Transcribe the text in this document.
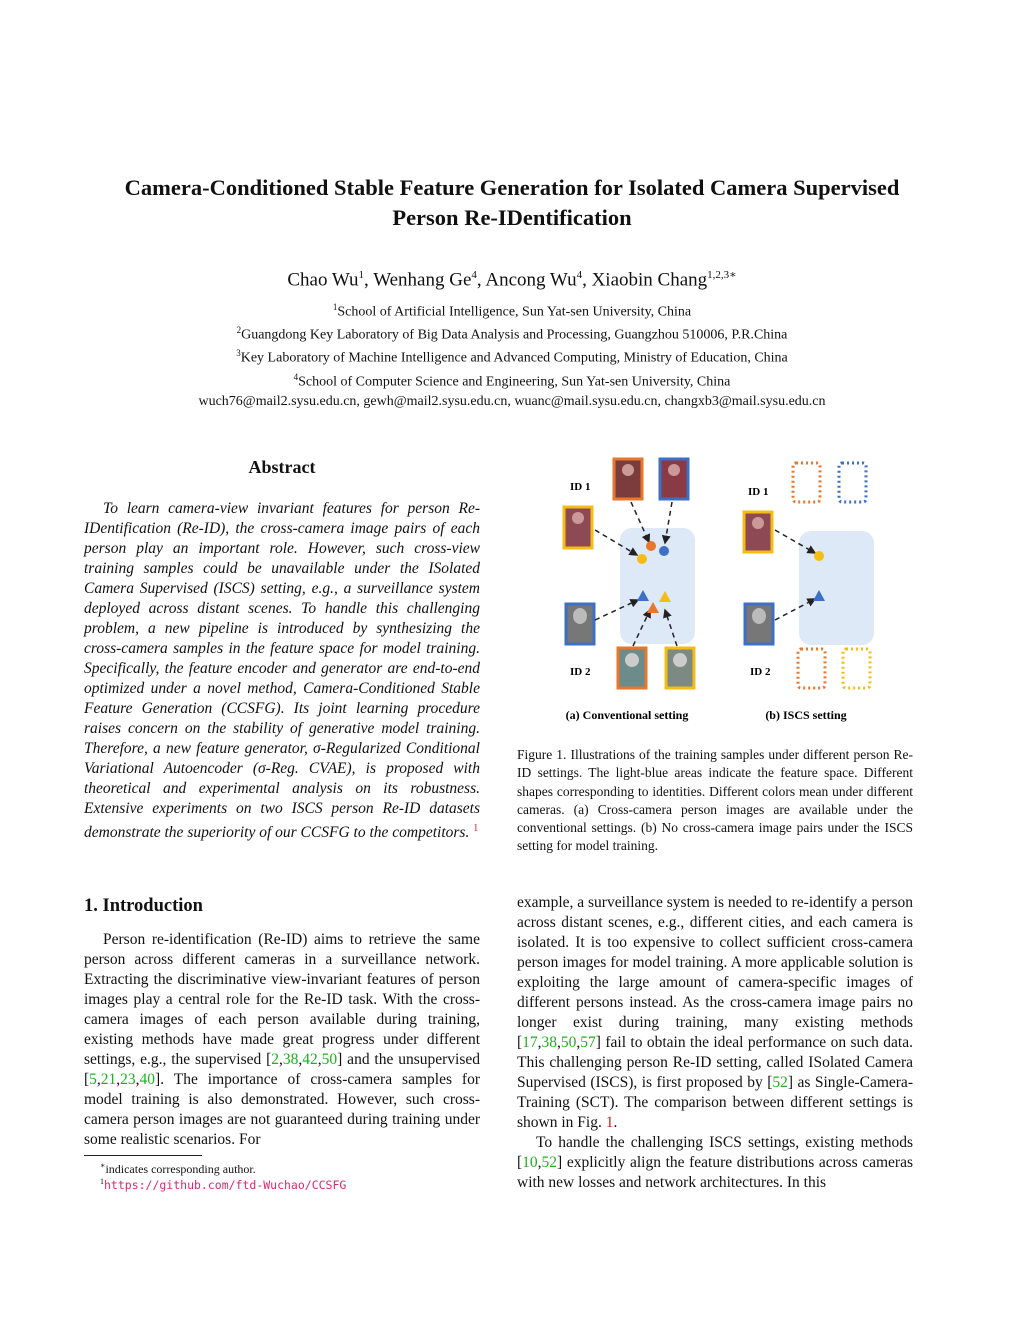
Camera-Conditioned Stable Feature Generation for Isolated Camera Supervised
Person Re-IDentification
Chao Wu$^1$, Wenhang Ge$^4$, Ancong Wu$^4$, Xiaobin Chang$^{1,2,3∗}$
$^1$School of Artificial Intelligence, Sun Yat-sen University, China
$^2$Guangdong Key Laboratory of Big Data Analysis and Processing, Guangzhou 510006, P.R.China
$^3$Key Laboratory of Machine Intelligence and Advanced Computing, Ministry of Education, China
$^4$School of Computer Science and Engineering, Sun Yat-sen University, China
wuch76@mail2.sysu.edu.cn, gewh@mail2.sysu.edu.cn, wuanc@mail.sysu.edu.cn, changxb3@mail.sysu.edu.cn
Abstract

To learn camera-view invariant features for person Re-IDentification (Re-ID), the cross-camera image pairs of each person play an important role. However, such cross-view training samples could be unavailable under the ISolated Camera Supervised (ISCS) setting, e.g., a surveillance system deployed across distant scenes. To handle this challenging problem, a new pipeline is introduced by synthesizing the cross-camera samples in the feature space for model training. Specifically, the feature encoder and generator are end-to-end optimized under a novel method, Camera-Conditioned Stable Feature Generation (CCSFG). Its joint learning procedure raises concern on the stability of generative model training. Therefore, a new feature generator, σ-Regularized Conditional Variational Autoencoder (σ-Reg. CVAE), is proposed with theoretical and experimental analysis on its robustness. Extensive experiments on two ISCS person Re-ID datasets demonstrate the superiority of our CCSFG to the competitors. $^1$

ID 1
ID 2
ID 1
ID 2
(a) Conventional setting	(b) ISCS setting
Figure 1. Illustrations of the training samples under different person Re-ID settings. The light-blue areas indicate the feature space. Different shapes corresponding to identities. Different colors mean under different cameras. (a) Cross-camera person images are available under the conventional settings. (b) No cross-camera image pairs under the ISCS setting for model training.
1. Introduction

Person re-identification (Re-ID) aims to retrieve the same person across different cameras in a surveillance network. Extracting the discriminative view-invariant features of person images play a central role for the Re-ID task. With the cross-camera images of each person available during training, existing methods have made great progress under different settings, e.g., the supervised [2,38,42,50] and the unsupervised [5,21,23,40]. The importance of cross-camera samples for model training is also demonstrated. However, such cross-camera person images are not guaranteed during training under some realistic scenarios. For

example, a surveillance system is needed to re-identify a person across distant scenes, e.g., different cities, and each camera is isolated. It is too expensive to collect sufficient cross-camera person images for model training. A more applicable solution is exploiting the large amount of camera-specific images of different persons instead. As the cross-camera image pairs no longer exist during training, many existing methods [17,38,50,57] fail to obtain the ideal performance on such data. This challenging person Re-ID setting, called ISolated Camera Supervised (ISCS), is first proposed by [52] as Single-Camera-Training (SCT). The comparison between different settings is shown in Fig. 1.

To handle the challenging ISCS settings, existing methods [10,52] explicitly align the feature distributions across cameras with new losses and network architectures. In this

∗indicates corresponding author.
$^1$https://github.com/ftd-Wuchao/CCSFG
